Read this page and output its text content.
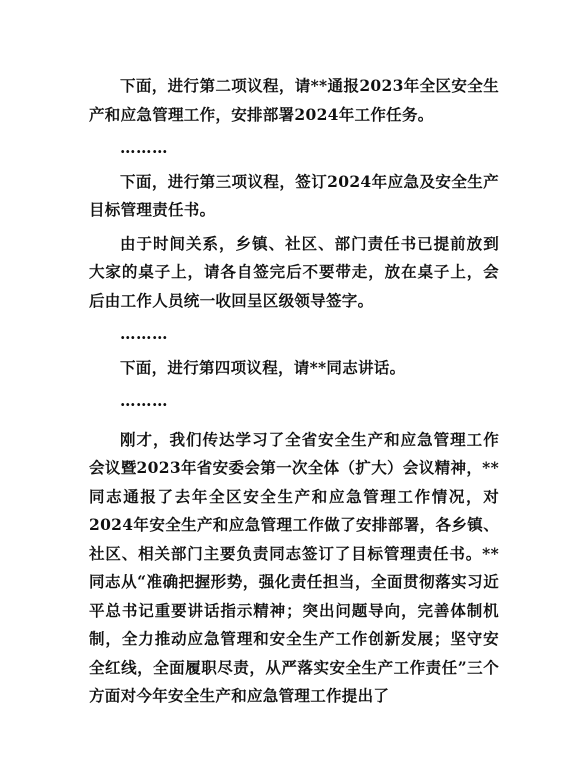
下面，进行第二项议程，请**通报2023年全区安全生产和应急管理工作，安排部署2024年工作任务。

………

下面，进行第三项议程，签订2024年应急及安全生产目标管理责任书。

由于时间关系，乡镇、社区、部门责任书已提前放到大家的桌子上，请各自签完后不要带走，放在桌子上，会后由工作人员统一收回呈区级领导签字。

………

下面，进行第四项议程，请**同志讲话。

………

刚才，我们传达学习了全省安全生产和应急管理工作会议暨2023年省安委会第一次全体（扩大）会议精神，**同志通报了去年全区安全生产和应急管理工作情况，对2024年安全生产和应急管理工作做了安排部署，各乡镇、社区、相关部门主要负责同志签订了目标管理责任书。**同志从“准确把握形势，强化责任担当，全面贯彻落实习近平总书记重要讲话指示精神；突出问题导向，完善体制机制，全力推动应急管理和安全生产工作创新发展；坚守安全红线，全面履职尽责，从严落实安全生产工作责任”三个方面对今年安全生产和应急管理工作提出了
